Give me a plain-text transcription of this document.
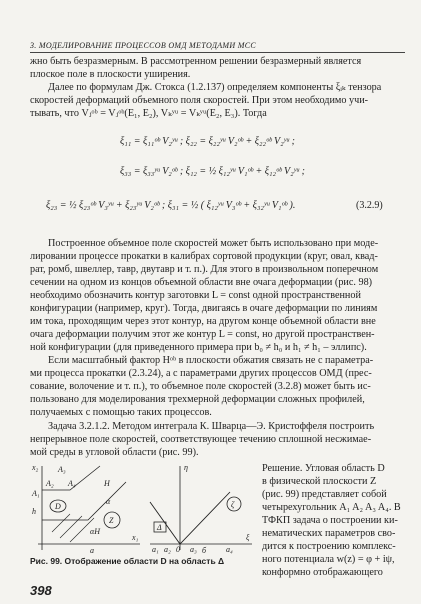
3. МОДЕЛИРОВАНИЕ ПРОЦЕССОВ ОМД МЕТОДАМИ МСС
жно быть безразмерным. В рассмотренном решении безразмерный является
плоское поле в плоскости уширения.
Далее по формулам Дж. Стокса (1.2.137) определяем компоненты ξᵢₖ тензора
скоростей деформаций объемного поля скоростей. При этом необходимо учи-
тывать, что Vⱼᵒᵇ = Vⱼᵒᵇ(E₁, E₂), Vₖʸᵘ = Vₖʸᵘ(E₂, E₃). Тогда
ξ₁₁ = ξ₁₁ᵒᵇ V₂ʸᵘ ; ξ₂₂ = ξ₂₂ʸᵘ V₂ᵒᵇ + ξ₂₂ᵒᵇ V₂ʸᵘ ;
ξ₃₃ = ξ₃₃ʸᵘ V₂ᵒᵇ ; ξ₁₂ = ½ ξ₁₂ʸᵘ V₁ᵒᵇ + ξ₁₂ᵒᵇ V₂ʸᵘ ;
ξ₂₃ = ½ ξ₂₃ᵒᵇ V₃ʸᵘ + ξ₂₃ʸᵘ V₂ᵒᵇ ; ξ₃₁ = ½ ( ξ₁₂ʸᵘ V₃ᵒᵇ + ξ₃₂ʸᵘ V₁ᵒᵇ ).	(3.2.9)
Построенное объемное поле скоростей может быть использовано при моде-
лировании процессе прокатки в калибрах сортовой продукции (круг, овал, квад-
рат, ромб, швеллер, тавр, двутавр и т. п.). Для этого в произвольном поперечном
сечении на одном из концов объемной области вне очага деформации (рис. 98)
необходимо обозначить контур заготовки L = const одной пространственной
конфигурации (например, круг). Тогда, двигаясь в очаге деформации по линиям
им тока, проходящим через этот контур, на другом конце объемной области вне
очага деформации получим этот же контур L = const, но другой пространствен-
ной конфигурации (для приведенного примера при b₀ ≠ h₀ и h₁ ≠ h₁ – эллипс).
Если масштабный фактор Hᵒᵇ в плоскости обжатия связать не с параметра-
ми процесса прокатки (2.3.24), а с параметрами других процессов ОМД (прес-
сование, волочение и т. п.), то объемное поле скоростей (3.2.8) может быть ис-
пользовано для моделирования трехмерной деформации сложных профилей,
получаемых с помощью таких процессов.
Задача 3.2.1.2. Методом интеграла К. Шварца—Э. Кристоффеля построить
непрерывное поле скоростей, соответствующее течению сплошной несжимае-
мой среды в угловой области (рис. 99).
x₂ A₃
A₂ A₄
A₁
H
D
h
Z
α
αH
x₁
a
η
ζ
Δ
a₁ a₂ a₃
0	a₄
ξ
б
Рис. 99. Отображение области D на область Δ
Решение. Угловая область D
в физической плоскости Z
(рис. 99) представляет собой
четырехугольник A₁ A₂ A₃ A₄. В
ТФКП задача о построении ки-
нематических параметров сво-
дится к построению комплекс-
ного потенциала w(z) = φ + iψ,
конформно отображающего
398
